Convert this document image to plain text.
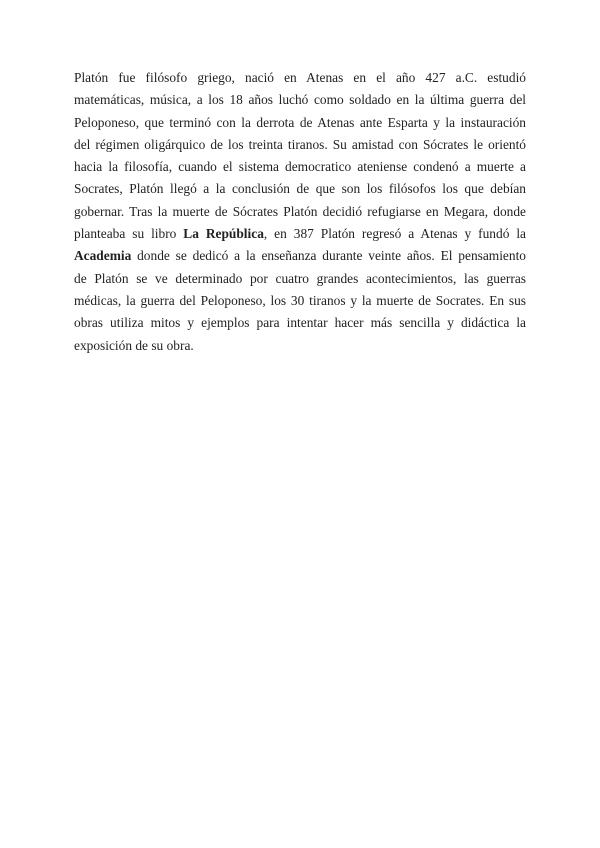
Platón fue filósofo griego, nació en Atenas en el año 427 a.C. estudió
matemáticas, música, a los 18 años luchó como soldado en la última guerra del
Peloponeso, que terminó con la derrota de Atenas ante Esparta y la instauración
del régimen oligárquico de los treinta tiranos. Su amistad con Sócrates le orientó
hacia la filosofía, cuando el sistema democratico ateniense condenó a muerte a
Socrates, Platón llegó a la conclusión de que son los filósofos los que debían
gobernar. Tras la muerte de Sócrates Platón decidió refugiarse en Megara, donde
planteaba su libro La República, en 387 Platón regresó a Atenas y fundó la
Academia donde se dedicó a la enseñanza durante veinte años. El pensamiento
de Platón se ve determinado por cuatro grandes acontecimientos, las guerras
médicas, la guerra del Peloponeso, los 30 tiranos y la muerte de Socrates. En sus
obras utiliza mitos y ejemplos para intentar hacer más sencilla y didáctica la
exposición de su obra.
